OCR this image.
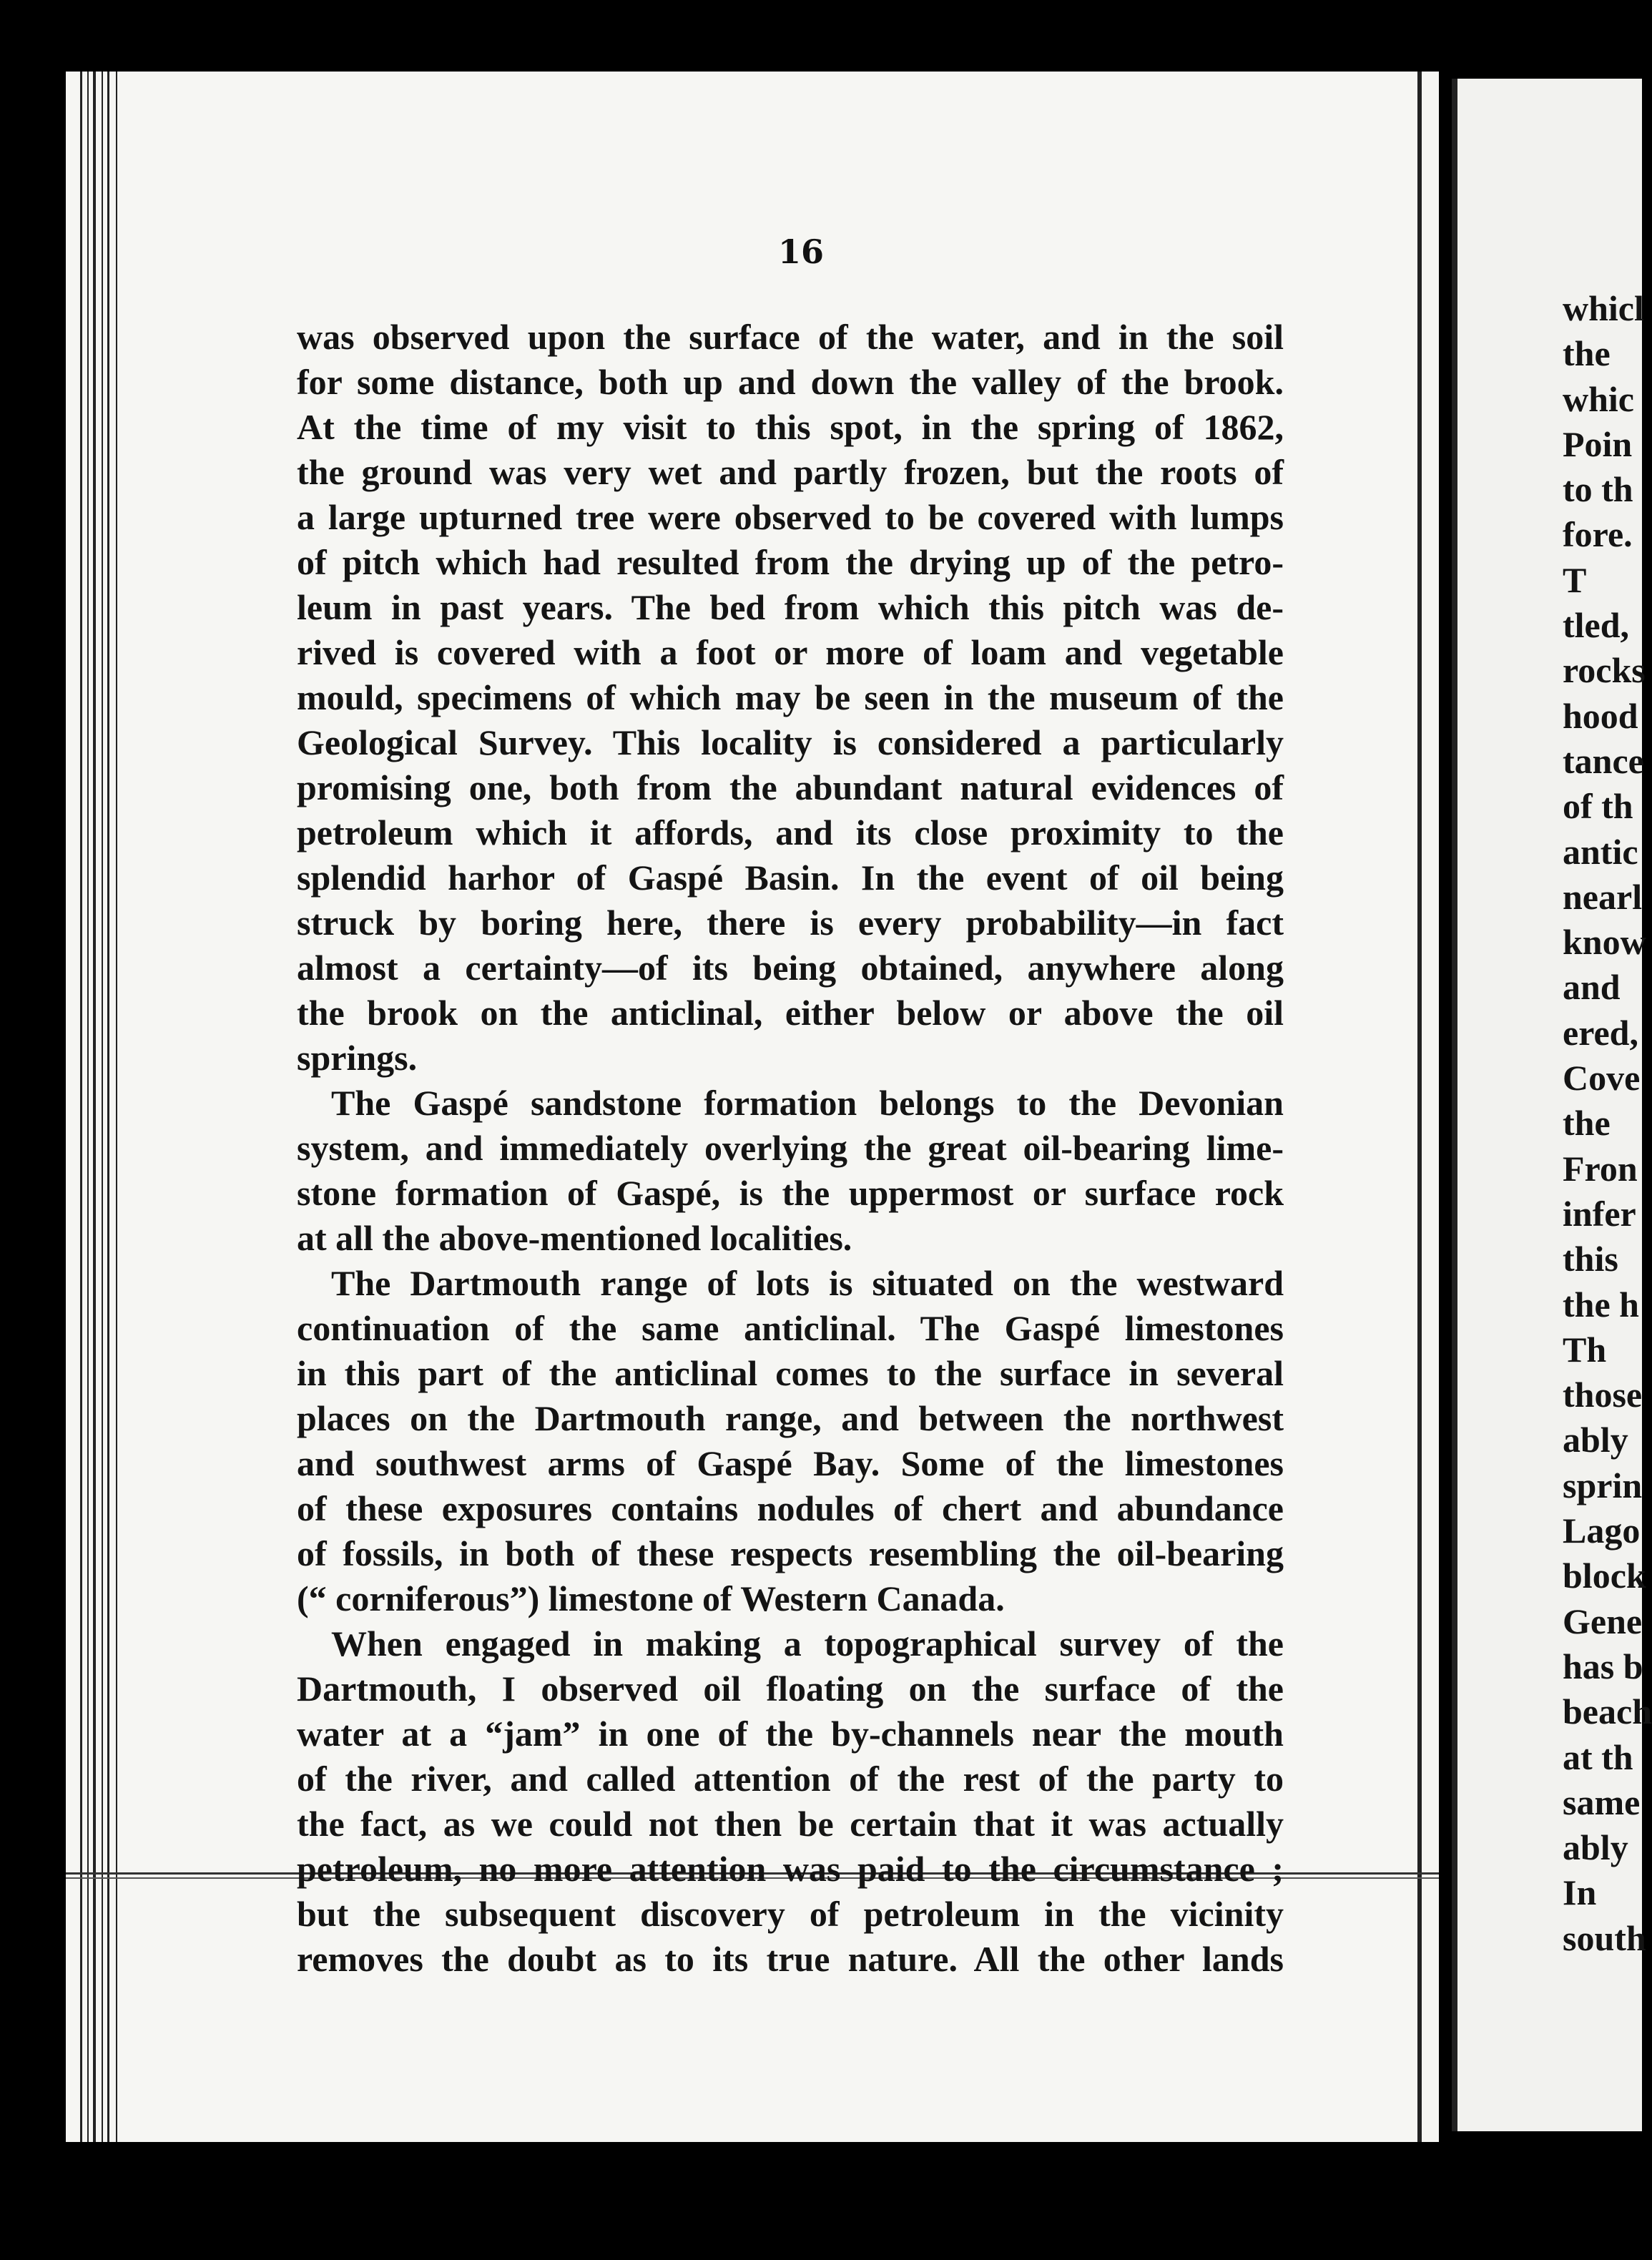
16
was observed upon the surface of the water, and in the soil
for some distance, both up and down the valley of the brook.
At the time of my visit to this spot, in the spring of 1862,
the ground was very wet and partly frozen, but the roots of
a large upturned tree were observed to be covered with lumps
of pitch which had resulted from the drying up of the petro-
leum in past years. The bed from which this pitch was de-
rived is covered with a foot or more of loam and vegetable
mould, specimens of which may be seen in the museum of the
Geological Survey. This locality is considered a particularly
promising one, both from the abundant natural evidences of
petroleum which it affords, and its close proximity to the
splendid harhor of Gaspé Basin. In the event of oil being
struck by boring here, there is every probability—in fact
almost a certainty—of its being obtained, anywhere along
the brook on the anticlinal, either below or above the oil
springs.
The Gaspé sandstone formation belongs to the Devonian
system, and immediately overlying the great oil-bearing lime-
stone formation of Gaspé, is the uppermost or surface rock
at all the above-mentioned localities.
The Dartmouth range of lots is situated on the westward
continuation of the same anticlinal. The Gaspé limestones
in this part of the anticlinal comes to the surface in several
places on the Dartmouth range, and between the northwest
and southwest arms of Gaspé Bay. Some of the limestones
of these exposures contains nodules of chert and abundance
of fossils, in both of these respects resembling the oil-bearing
(“ corniferous”) limestone of Western Canada.
When engaged in making a topographical survey of the
Dartmouth, I observed oil floating on the surface of the
water at a “jam” in one of the by-channels near the mouth
of the river, and called attention of the rest of the party to
the fact, as we could not then be certain that it was actually
petroleum, no more attention was paid to the circumstance ;
but the subsequent discovery of petroleum in the vicinity
removes the doubt as to its true nature. All the other lands
whicl
the
whic
Poin
to th
fore.
T
tled,
rocks
hood
tance
of th
antic
nearl
know
and
ered,
Cove
the
Fron
infer
this
the h
Th
those
ably
sprin
Lago
block
Gene
has b
beach
at th
same
ably
In
south
